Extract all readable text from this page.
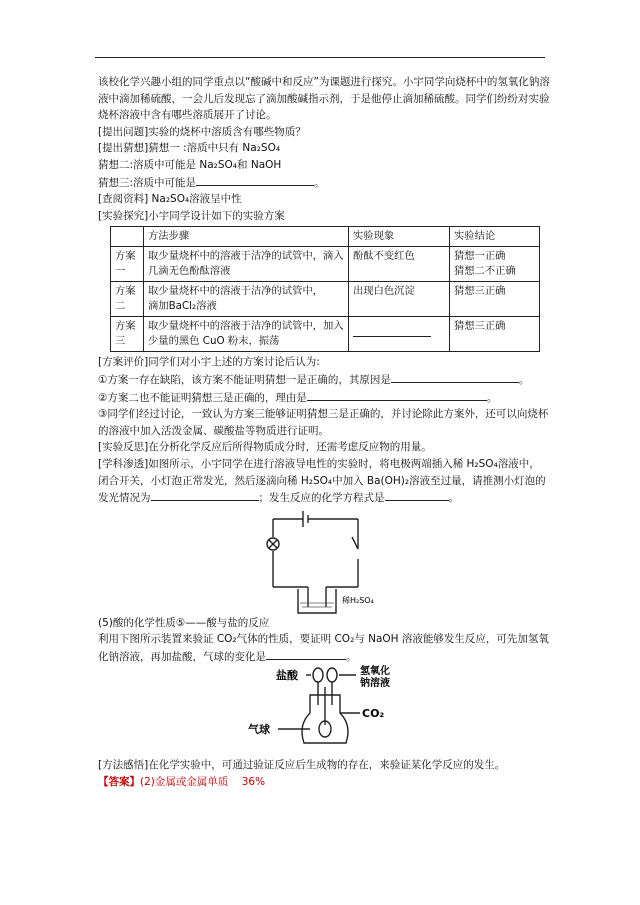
该校化学兴趣小组的同学重点以“酸碱中和反应”为课题进行探究。小宇同学向烧杯中的氢氧化钠溶液中滴加稀硫酸，一会儿后发现忘了滴加酸碱指示剂，于是他停止滴加稀硫酸。同学们纷纷对实验烧杯溶液中含有哪些溶质展开了讨论。

[提出问题]实验的烧杯中溶质含有哪些物质？

[提出猜想]猜想一 :溶质中只有 Na₂SO₄

猜想二:溶质中可能是 Na₂SO₄和 NaOH

猜想三:溶质中可能是	。

[查阅资料] Na₂SO₄溶液呈中性

[实验探究]小宇同学设计如下的实验方案

	方法步骤	实验现象	实验结论
方案一	取少量烧杯中的溶液于洁净的试管中，滴入几滴无色酚酞溶液	酚酞不变红色	猜想一正确
猜想二不正确
方案二	取少量烧杯中的溶液于洁净的试管中，
滴加BaCl₂溶液	出现白色沉淀	猜想三正确
方案三	取少量烧杯中的溶液于洁净的试管中，加入少量的黑色 CuO 粉末，振荡		猜想三正确

[方案评价]同学们对小宇上述的方案讨论后认为:

①方案一存在缺陷，该方案不能证明猜想一是正确的，其原因是	。

②方案二也不能证明猜想三是正确的，理由是	。

③同学们经过讨论，一致认为方案三能够证明猜想三是正确的，并讨论除此方案外，还可以向烧杯的溶液中加入活泼金属、碳酸盐等物质进行证明。

[实验反思]在分析化学反应后所得物质成分时，还需考虑反应物的用量。

[学科渗透]如图所示，小宇同学在进行溶液导电性的实验时，将电极两端插入稀 H₂SO₄溶液中，闭合开关，小灯泡正常发光，然后逐滴向稀 H₂SO₄中加入 Ba(OH)₂溶液至过量，请推测小灯泡的发光情况为	；发生反应的化学方程式是	。

稀H₂SO₄

(5)酸的化学性质⑤——酸与盐的反应

利用下图所示装置来验证 CO₂气体的性质，要证明 CO₂与 NaOH 溶液能够发生反应，可先加氢氧化钠溶液，再加盐酸，气球的变化是	。

盐酸	氢氧化
钠溶液
CO₂
气球

[方法感悟]在化学实验中，可通过验证反应后生成物的存在，来验证某化学反应的发生。

【答案】(2)金属或金属单质    36%
